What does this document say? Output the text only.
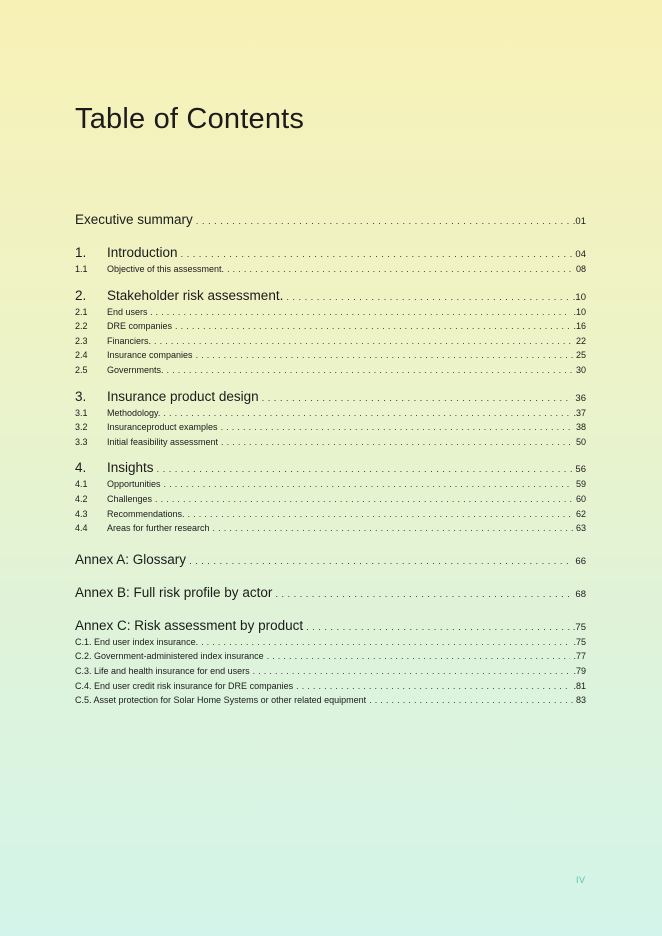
Table of Contents
Executive summary . . .	.01
1.	Introduction . . .	04
1.1	Objective of this assessment. . . .	08
2.	Stakeholder risk assessment. . . .	.10
2.1	End users . . . .	.10
2.2	DRE companies . . .	.16
2.3	Financiers. . . .	22
2.4	Insurance companies . . .	25
2.5	Governments. . . .	30
3.	Insurance product design . . .	36
3.1	Methodology. . . .	.37
3.2	Insuranceproduct examples . . .	38
3.3	Initial feasibility assessment . . .	50
4.	Insights . . .	56
4.1	Opportunities . . .	59
4.2	Challenges . . .	60
4.3	Recommendations. . . .	62
4.4	Areas for further research . . .	63
Annex A: Glossary . . .	66
Annex B: Full risk profile by actor . . .	68
Annex C: Risk assessment by product . . .	.75
C.1. End user index insurance. . . .	.75
C.2. Government-administered index insurance . . .	.77
C.3. Life and health insurance for end users . . .	.79
C.4. End user credit risk insurance for DRE companies . . .	.81
C.5. Asset protection for Solar Home Systems or other related equipment . . .	83
IV
